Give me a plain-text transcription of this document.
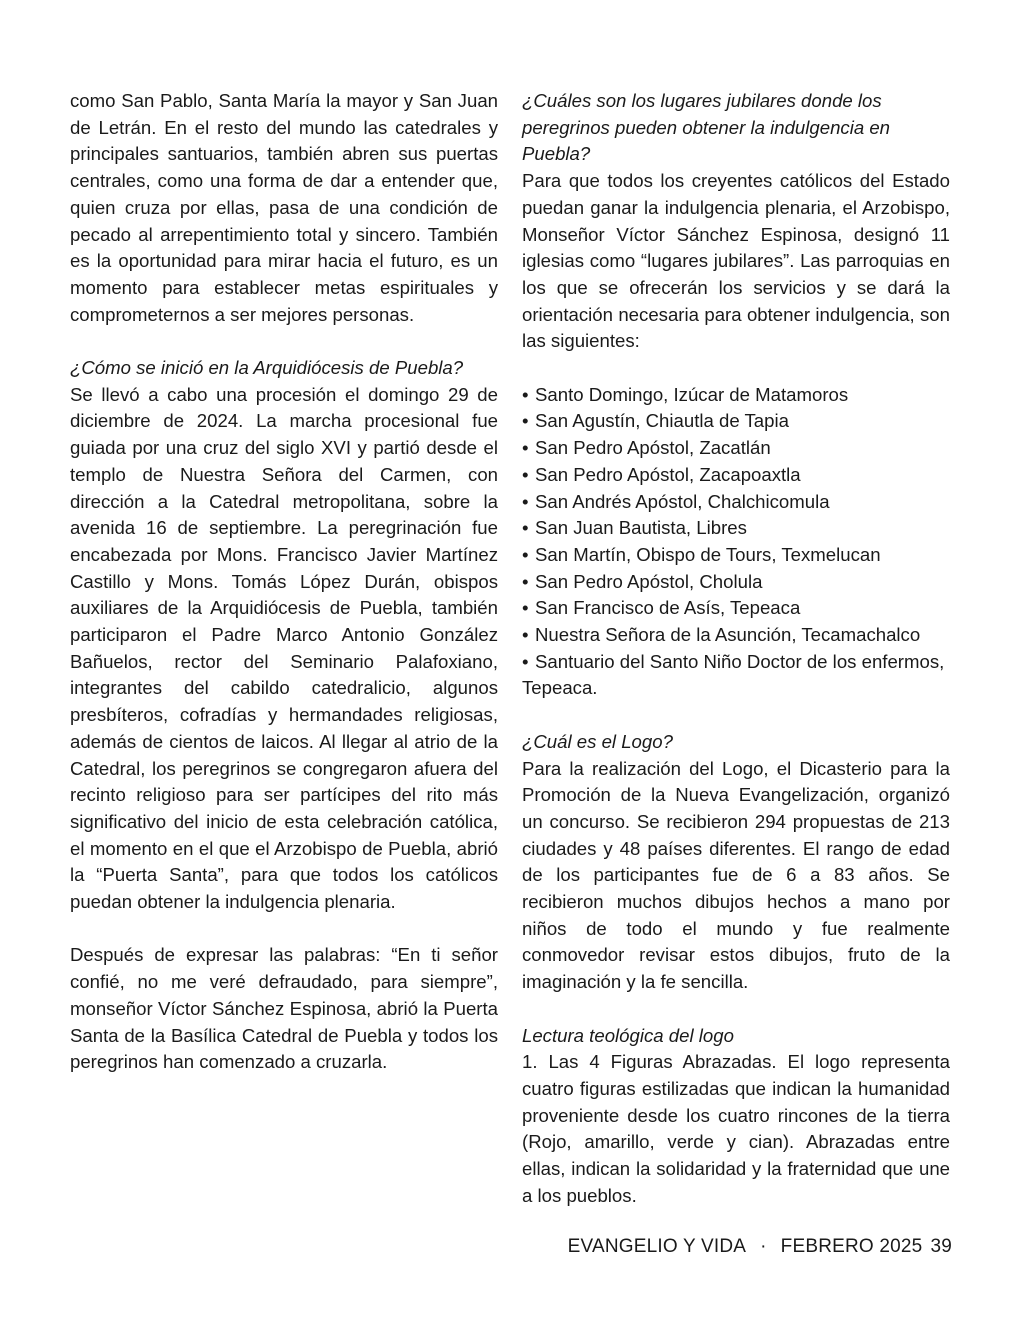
como San Pablo, Santa María la mayor y San Juan de Letrán. En el resto del mundo las catedrales y principales santuarios, también abren sus puertas centrales, como una forma de dar a entender que, quien cruza por ellas, pasa de una condición de pecado al arrepentimiento total y sincero. También es la oportunidad para mirar hacia el futuro, es un momento para establecer metas espirituales y comprometernos a ser mejores personas.

¿Cómo se inició en la Arquidiócesis de Puebla?

Se llevó a cabo una procesión el domingo 29 de diciembre de 2024. La marcha procesional fue guiada por una cruz del siglo XVI y partió desde el templo de Nuestra Señora del Carmen, con dirección a la Catedral metropolitana, sobre la avenida 16 de septiembre. La peregrinación fue encabezada por Mons. Francisco Javier Martínez Castillo y Mons. Tomás López Durán, obispos auxiliares de la Arquidiócesis de Puebla, también participaron el Padre Marco Antonio González Bañuelos, rector del Seminario Palafoxiano, integrantes del cabildo catedralicio, algunos presbíteros, cofradías y hermandades religiosas, además de cientos de laicos. Al llegar al atrio de la Catedral, los peregrinos se congregaron afuera del recinto religioso para ser partícipes del rito más significativo del inicio de esta celebración católica, el momento en el que el Arzobispo de Puebla, abrió la “Puerta Santa”, para que todos los católicos puedan obtener la indulgencia plenaria.

Después de expresar las palabras: “En ti señor confié, no me veré defraudado, para siempre”, monseñor Víctor Sánchez Espinosa, abrió la Puerta Santa de la Basílica Catedral de Puebla y todos los peregrinos han comenzado a cruzarla.

¿Cuáles son los lugares jubilares donde los peregrinos pueden obtener la indulgencia en Puebla?

Para que todos los creyentes católicos del Estado puedan ganar la indulgencia plenaria, el Arzobispo, Monseñor Víctor Sánchez Espinosa, designó 11 iglesias como “lugares jubilares”. Las parroquias en los que se ofrecerán los servicios y se dará la orientación necesaria para obtener indulgencia, son las siguientes:

• Santo Domingo, Izúcar de Matamoros
• San Agustín, Chiautla de Tapia
• San Pedro Apóstol, Zacatlán
• San Pedro Apóstol, Zacapoaxtla
• San Andrés Apóstol, Chalchicomula
• San Juan Bautista, Libres
• San Martín, Obispo de Tours, Texmelucan
• San Pedro Apóstol, Cholula
• San Francisco de Asís, Tepeaca
• Nuestra Señora de la Asunción, Tecamachalco
• Santuario del Santo Niño Doctor de los enfermos, Tepeaca.

¿Cuál es el Logo?

Para la realización del Logo, el Dicasterio para la Promoción de la Nueva Evangelización, organizó un concurso. Se recibieron 294 propuestas de 213 ciudades y 48 países diferentes. El rango de edad de los participantes fue de 6 a 83 años. Se recibieron muchos dibujos hechos a mano por niños de todo el mundo y fue realmente conmovedor revisar estos dibujos, fruto de la imaginación y la fe sencilla.

Lectura teológica del logo

1. Las 4 Figuras Abrazadas. El logo representa cuatro figuras estilizadas que indican la humanidad proveniente desde los cuatro rincones de la tierra (Rojo, amarillo, verde y cian). Abrazadas entre ellas, indican la solidaridad y la fraternidad que une a los pueblos.

EVANGELIO Y VIDA · FEBRERO 2025 39
